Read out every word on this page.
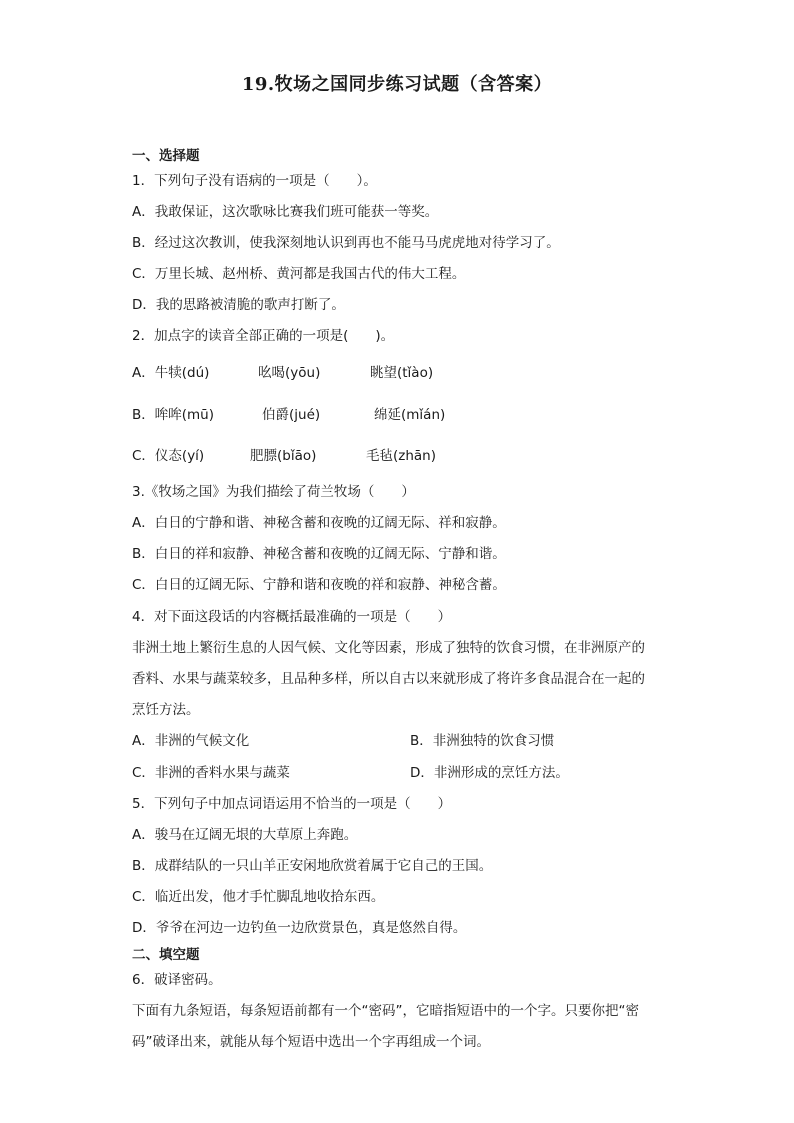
19.牧场之国同步练习试题（含答案）
一、选择题
1．下列句子没有语病的一项是（　　）。
A．我敢保证，这次歌咏比赛我们班可能获一等奖。
B．经过这次教训，使我深刻地认识到再也不能马马虎虎地对待学习了。
C．万里长城、赵州桥、黄河都是我国古代的伟大工程。
D．我的思路被清脆的歌声打断了。
2．加点字的读音全部正确的一项是(　　)。
A．牛犊(dú)	吆喝(yōu)	眺望(tǐào)
B．哞哞(mū)	伯爵(jué)	绵延(mǐán)
C．仪态(yí)	肥膘(bǐāo)	毛毡(zhān)
3.《牧场之国》为我们描绘了荷兰牧场（　　）
A．白日的宁静和谐、神秘含蓄和夜晚的辽阔无际、祥和寂静。
B．白日的祥和寂静、神秘含蓄和夜晚的辽阔无际、宁静和谐。
C．白日的辽阔无际、宁静和谐和夜晚的祥和寂静、神秘含蓄。
4．对下面这段话的内容概括最准确的一项是（　　）
非洲土地上繁衍生息的人因气候、文化等因素，形成了独特的饮食习惯，在非洲原产的
香料、水果与蔬菜较多，且品种多样，所以自古以来就形成了将许多食品混合在一起的
烹饪方法。
A．非洲的气候文化	B．非洲独特的饮食习惯
C．非洲的香料水果与蔬菜	D．非洲形成的烹饪方法。
5．下列句子中加点词语运用不恰当的一项是（　　）
A．骏马在辽阔无垠的大草原上奔跑。
B．成群结队的一只山羊正安闲地欣赏着属于它自己的王国。
C．临近出发，他才手忙脚乱地收拾东西。
D．爷爷在河边一边钓鱼一边欣赏景色，真是悠然自得。
二、填空题
6．破译密码。
下面有九条短语，每条短语前都有一个“密码”，它暗指短语中的一个字。只要你把“密
码”破译出来，就能从每个短语中选出一个字再组成一个词。
